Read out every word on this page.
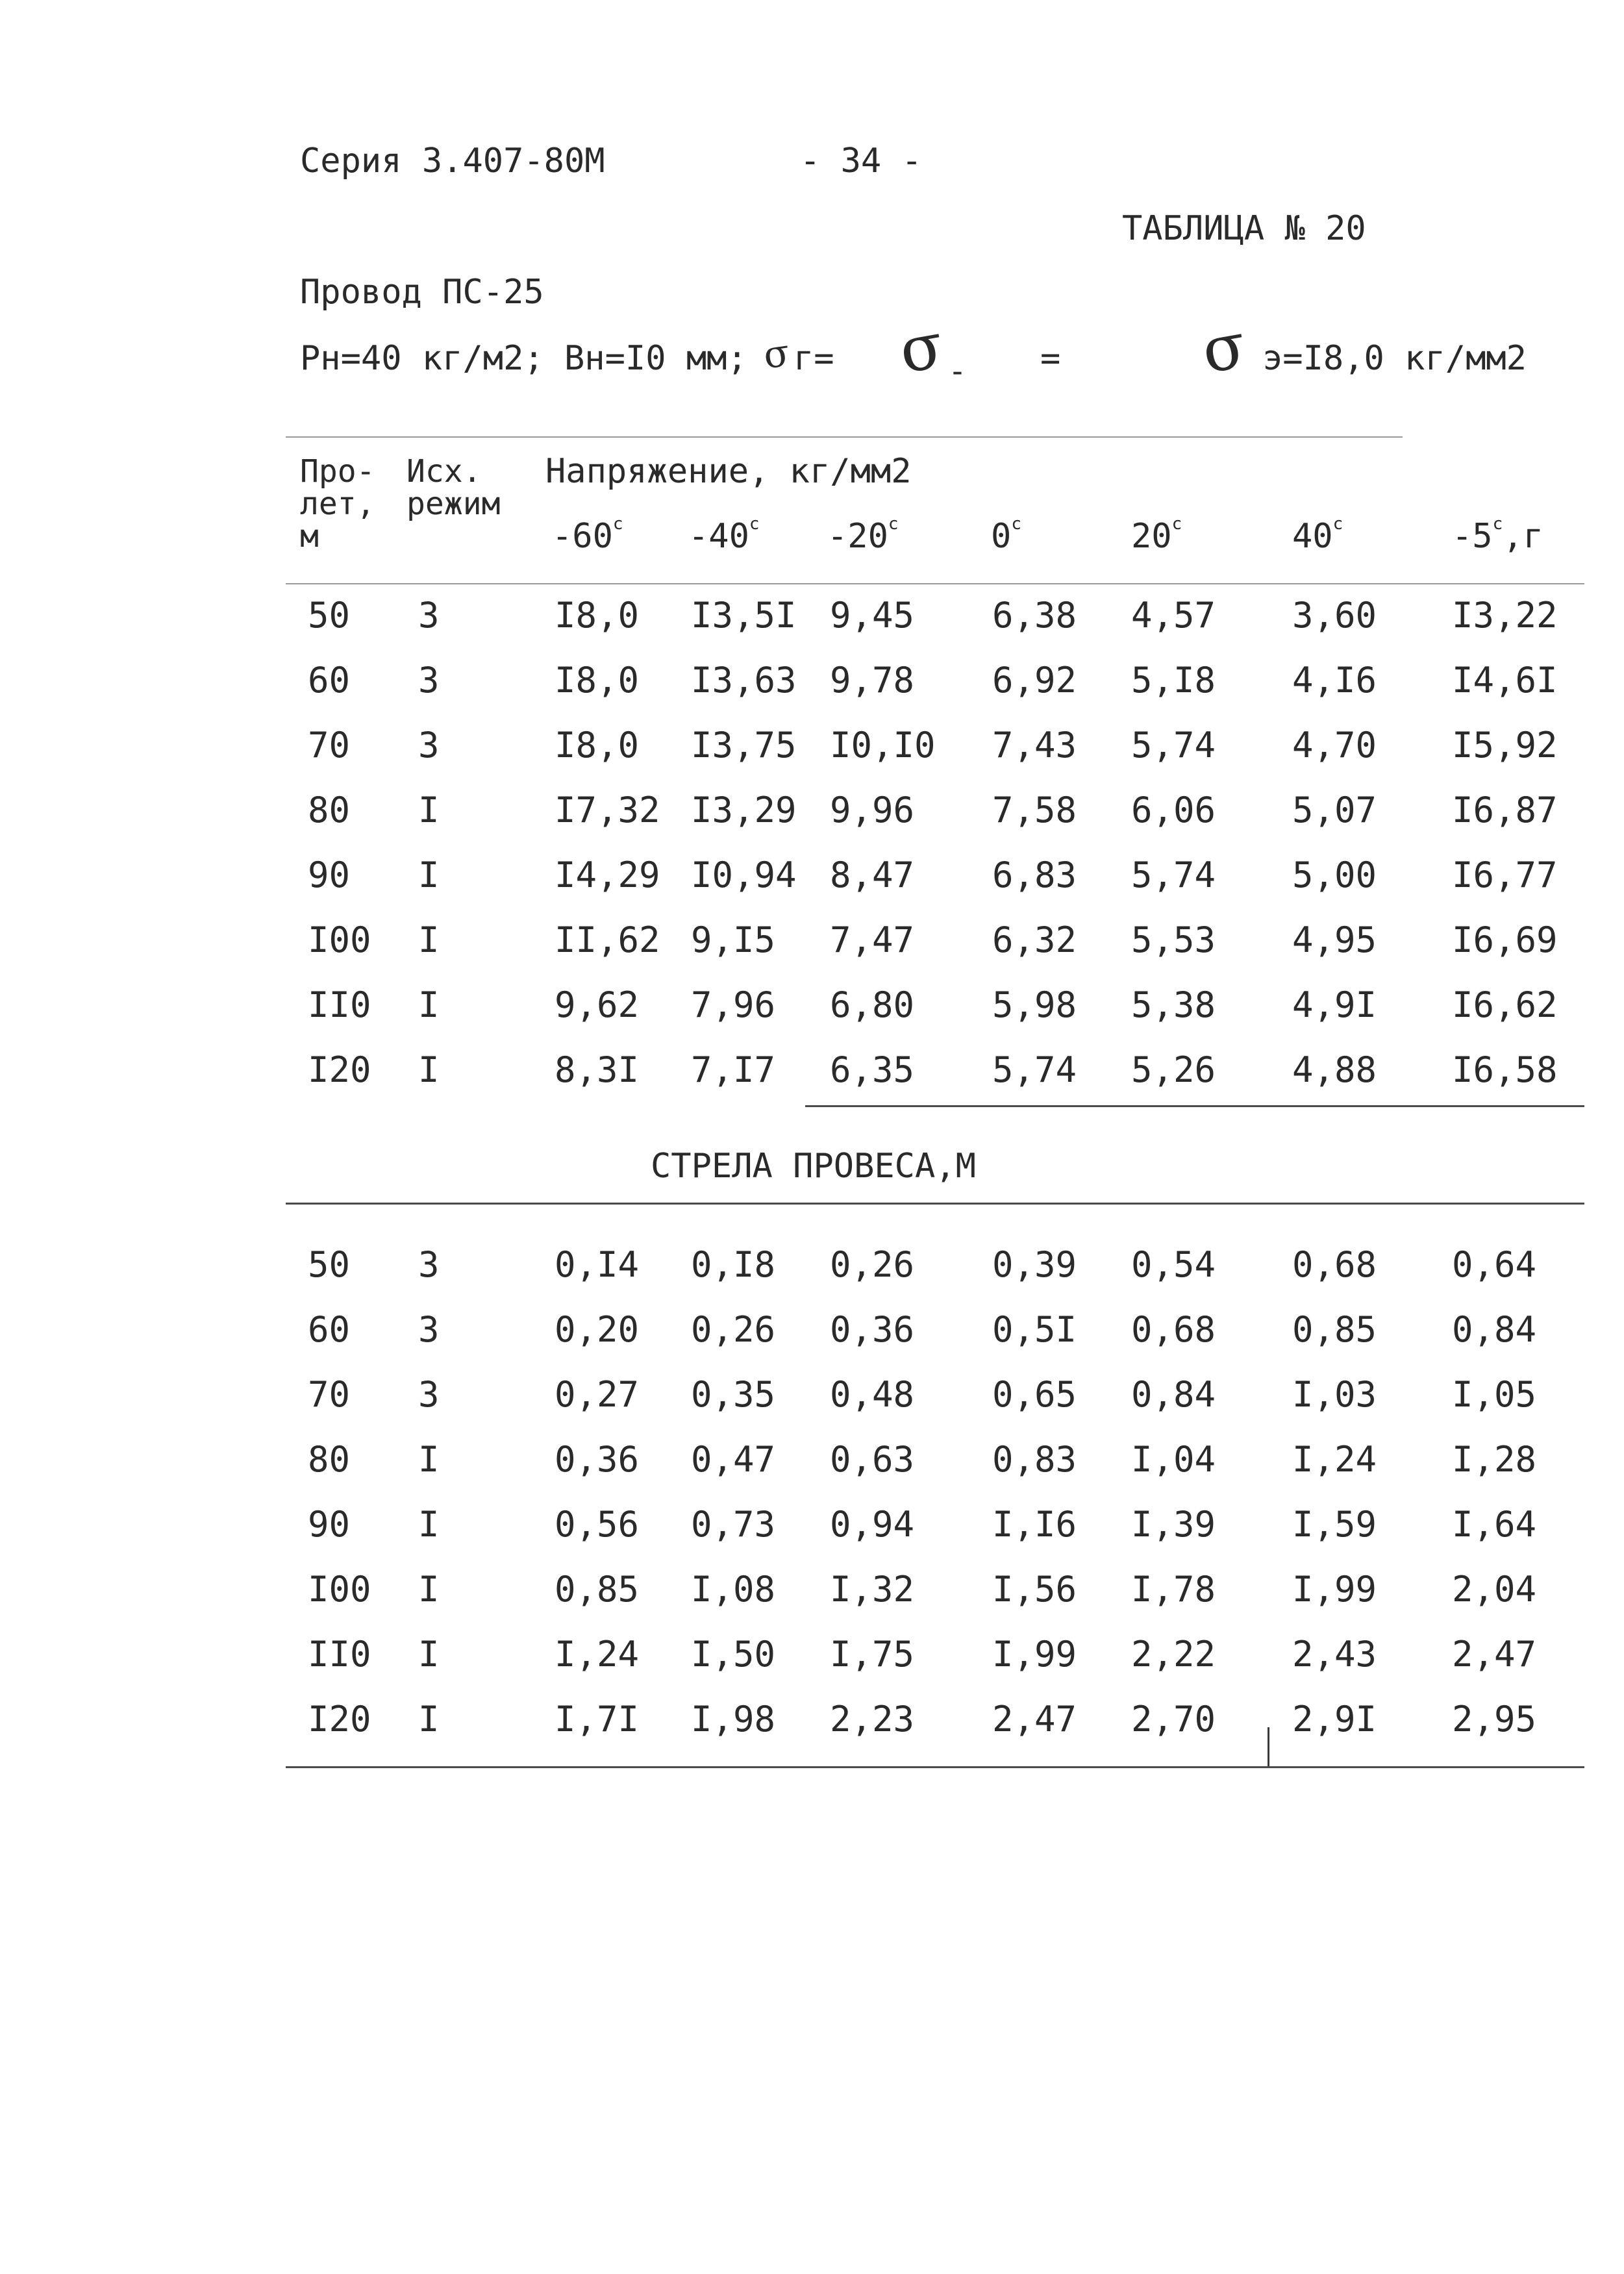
Серия 3.407-80М	- 34 -
ТАБЛИЦА № 20
Провод ПС-25
Рн=40 кг/м2; Вн=I0 мм; σ г= σ - = σ э=I8,0 кг/мм2
Про-
лет,
м
Исх.
режим
Напряжение, кг/мм2
$-60^с$ $-40^с$ $-20^с$	$0^с$	$20^с$	$40^с$	$-5^с,г$
50 3	I8,0 I3,5I 9,45 6,38 4,57 3,60 I3,22
60 3	I8,0 I3,63 9,78 6,92 5,I8 4,I6 I4,6I
70 3	I8,0 I3,75 I0,I0 7,43 5,74 4,70 I5,92
80 I	I7,32 I3,29 9,96 7,58 6,06 5,07 I6,87
90 I	I4,29 I0,94 8,47 6,83 5,74 5,00 I6,77
I00 I	II,62 9,I5 7,47 6,32 5,53 4,95 I6,69
II0 I	9,62 7,96 6,80 5,98 5,38 4,9I I6,62
I20 I	8,3I 7,I7 6,35 5,74 5,26 4,88 I6,58
СТРЕЛА ПРОВЕСА,М
50 3	0,I4 0,I8 0,26 0,39 0,54 0,68 0,64
60 3	0,20 0,26 0,36 0,5I 0,68 0,85 0,84
70 3	0,27 0,35 0,48 0,65 0,84 I,03 I,05
80 I	0,36 0,47 0,63 0,83 I,04 I,24 I,28
90 I	0,56 0,73 0,94 I,I6 I,39 I,59 I,64
I00 I	0,85 I,08 I,32 I,56 I,78 I,99 2,04
II0 I	I,24 I,50 I,75 I,99 2,22 2,43 2,47
I20 I	I,7I I,98 2,23 2,47 2,70 2,9I 2,95
